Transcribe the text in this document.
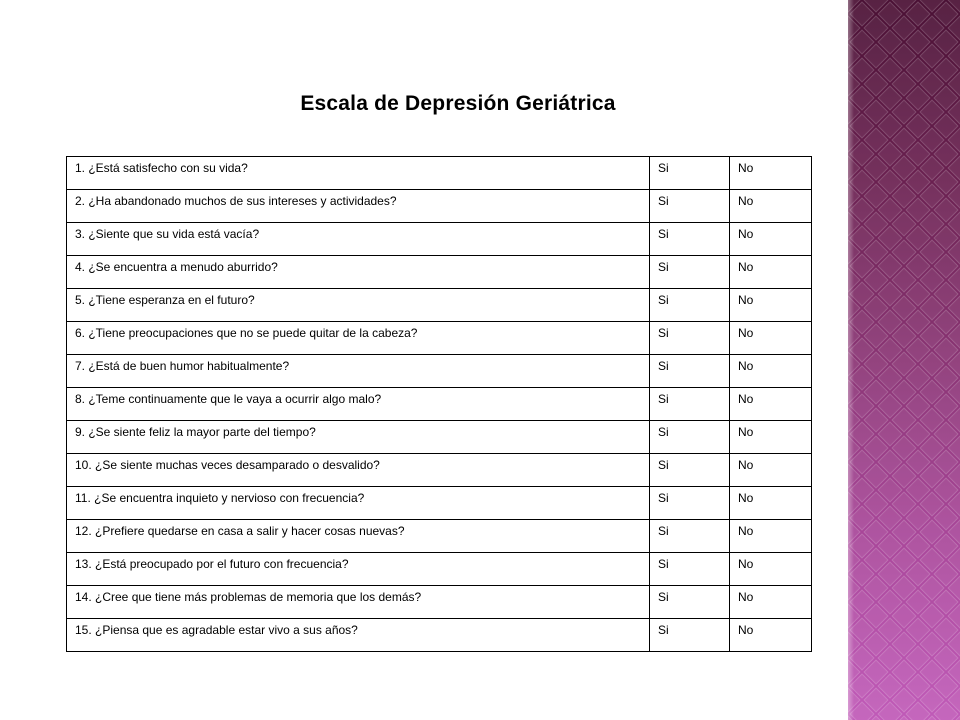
Escala de Depresión Geriátrica
1. ¿Está satisfecho con su vida?	Si	No
2. ¿Ha abandonado muchos de sus intereses y actividades?	Si	No
3. ¿Siente que su vida está vacía?	Si	No
4. ¿Se encuentra a menudo aburrido?	Si	No
5. ¿Tiene esperanza en el futuro?	Si	No
6. ¿Tiene preocupaciones que no se puede quitar de la cabeza?	Si	No
7. ¿Está de buen humor habitualmente?	Si	No
8. ¿Teme continuamente que le vaya a ocurrir algo malo?	Si	No
9. ¿Se siente feliz la mayor parte del tiempo?	Si	No
10. ¿Se siente muchas veces desamparado o desvalido?	Si	No
11. ¿Se encuentra inquieto y nervioso con frecuencia?	Si	No
12. ¿Prefiere quedarse en casa a salir y hacer cosas nuevas?	Si	No
13. ¿Está preocupado por el futuro con frecuencia?	Si	No
14. ¿Cree que tiene más problemas de memoria que los demás?	Si	No
15. ¿Piensa que es agradable estar vivo a sus años?	Si	No
